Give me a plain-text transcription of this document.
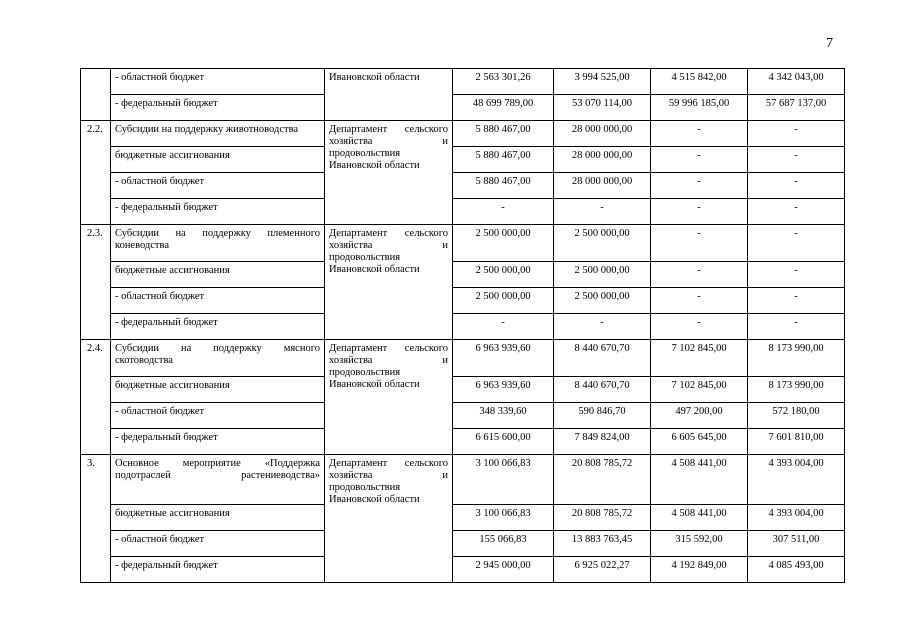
7
	- областной бюджет	Ивановской области	2 563 301,26	3 994 525,00	4 515 842,00	4 342 043,00
	- федеральный бюджет		48 699 789,00	53 070 114,00	59 996 185,00	57 687 137,00
2.2.	Субсидии на поддержку животноводства	Департамент сельского хозяйства и продовольствия Ивановской области	5 880 467,00	28 000 000,00	-	-
	бюджетные ассигнования		5 880 467,00	28 000 000,00	-	-
	- областной бюджет		5 880 467,00	28 000 000,00	-	-
	- федеральный бюджет		-	-	-	-
2.3.	Субсидии на поддержку племенного коневодства	Департамент сельского хозяйства и продовольствия Ивановской области	2 500 000,00	2 500 000,00	-	-
	бюджетные ассигнования		2 500 000,00	2 500 000,00	-	-
	- областной бюджет		2 500 000,00	2 500 000,00	-	-
	- федеральный бюджет		-	-	-	-
2.4.	Субсидии на поддержку мясного скотоводства	Департамент сельского хозяйства и продовольствия Ивановской области	6 963 939,60	8 440 670,70	7 102 845,00	8 173 990,00
	бюджетные ассигнования		6 963 939,60	8 440 670,70	7 102 845,00	8 173 990,00
	- областной бюджет		348 339,60	590 846,70	497 200,00	572 180,00
	- федеральный бюджет		6 615 600,00	7 849 824,00	6 605 645,00	7 601 810,00
3.	Основное мероприятие «Поддержка подотраслей растениеводства»	Департамент сельского хозяйства и продовольствия Ивановской области	3 100 066,83	20 808 785,72	4 508 441,00	4 393 004,00
	бюджетные ассигнования		3 100 066,83	20 808 785,72	4 508 441,00	4 393 004,00
	- областной бюджет		155 066,83	13 883 763,45	315 592,00	307 511,00
	- федеральный бюджет		2 945 000,00	6 925 022,27	4 192 849,00	4 085 493,00
